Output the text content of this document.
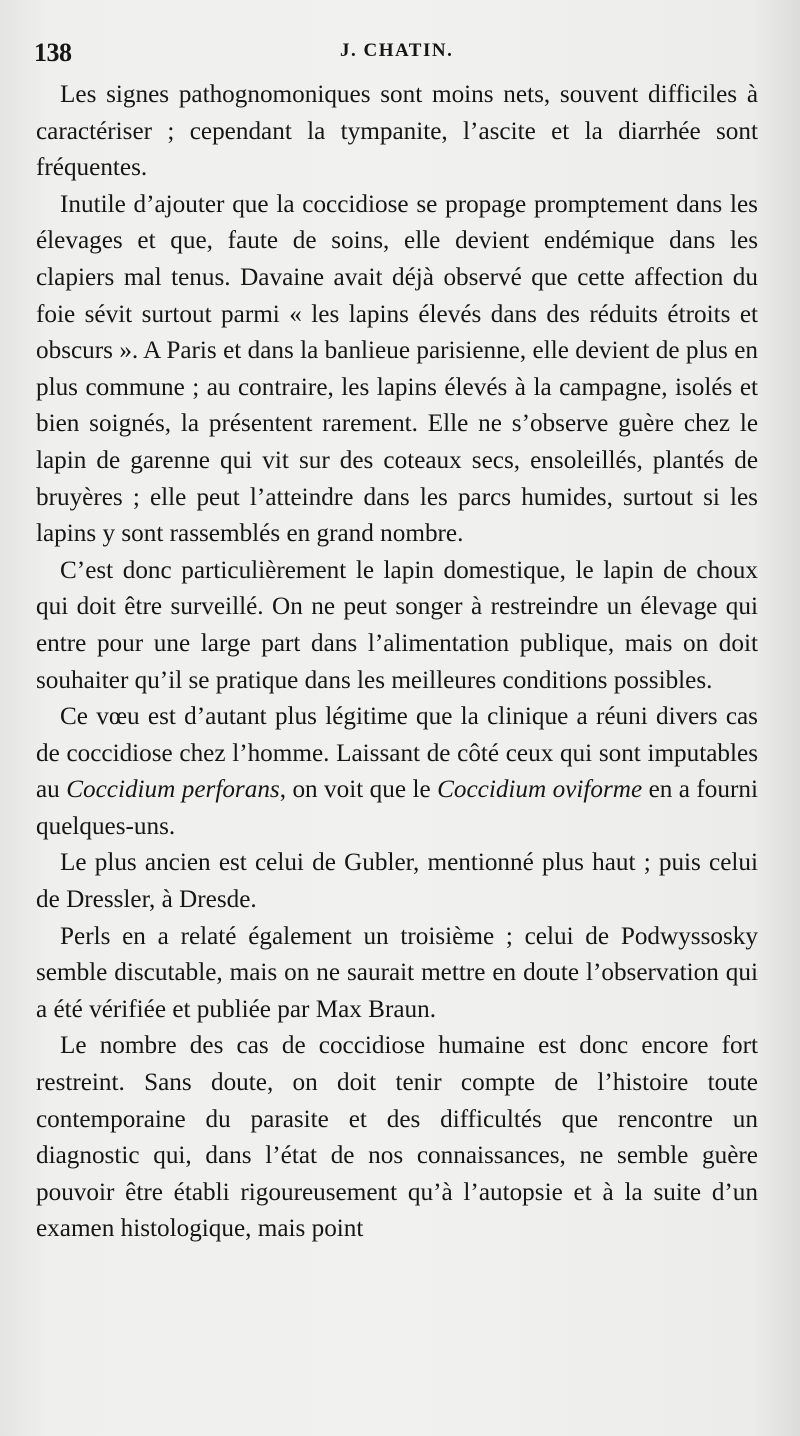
138	J. CHATIN.

Les signes pathognomoniques sont moins nets, souvent difficiles à caractériser ; cependant la tympanite, l’ascite et la diarrhée sont fréquentes.

Inutile d’ajouter que la coccidiose se propage promptement dans les élevages et que, faute de soins, elle devient endémique dans les clapiers mal tenus. Davaine avait déjà observé que cette affection du foie sévit surtout parmi « les lapins élevés dans des réduits étroits et obscurs ». A Paris et dans la banlieue parisienne, elle devient de plus en plus commune ; au contraire, les lapins élevés à la campagne, isolés et bien soignés, la présentent rarement. Elle ne s’observe guère chez le lapin de garenne qui vit sur des coteaux secs, ensoleillés, plantés de bruyères ; elle peut l’atteindre dans les parcs humides, surtout si les lapins y sont rassemblés en grand nombre.

C’est donc particulièrement le lapin domestique, le lapin de choux qui doit être surveillé. On ne peut songer à restreindre un élevage qui entre pour une large part dans l’alimentation publique, mais on doit souhaiter qu’il se pratique dans les meilleures conditions possibles.

Ce vœu est d’autant plus légitime que la clinique a réuni divers cas de coccidiose chez l’homme. Laissant de côté ceux qui sont imputables au Coccidium perforans, on voit que le Coccidium oviforme en a fourni quelques-uns.

Le plus ancien est celui de Gubler, mentionné plus haut ; puis celui de Dressler, à Dresde.

Perls en a relaté également un troisième ; celui de Podwyssosky semble discutable, mais on ne saurait mettre en doute l’observation qui a été vérifiée et publiée par Max Braun.

Le nombre des cas de coccidiose humaine est donc encore fort restreint. Sans doute, on doit tenir compte de l’histoire toute contemporaine du parasite et des difficultés que rencontre un diagnostic qui, dans l’état de nos connaissances, ne semble guère pouvoir être établi rigoureusement qu’à l’autopsie et à la suite d’un examen histologique, mais point
